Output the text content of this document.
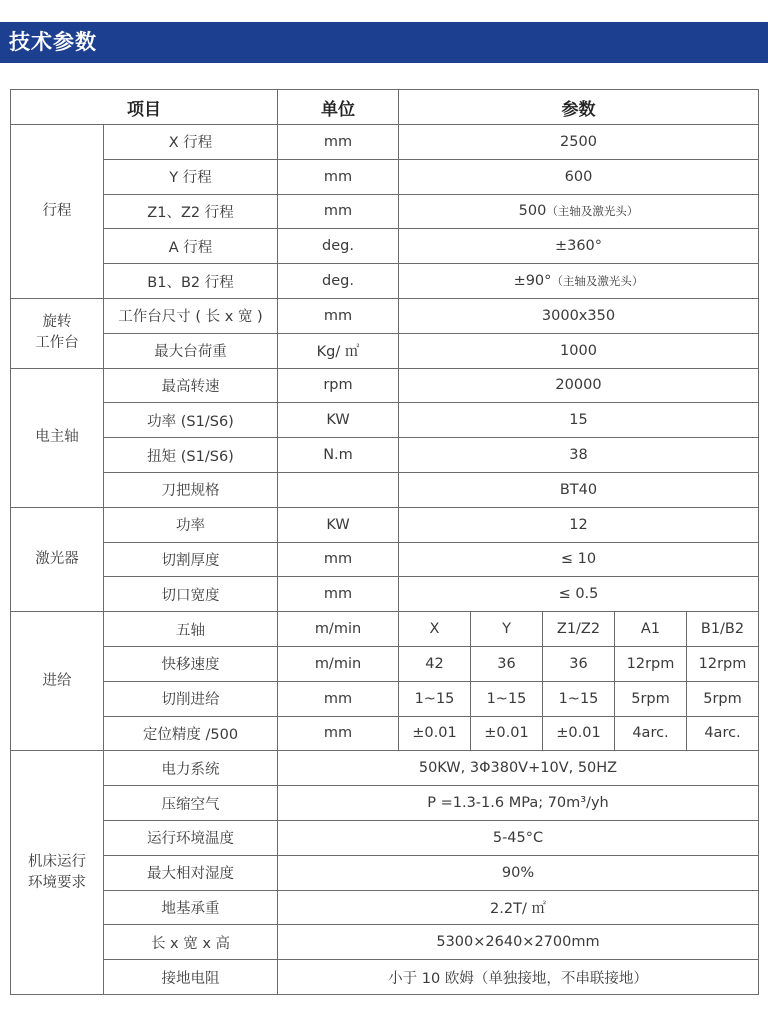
技术参数
项目		单位	参数				
行程	X 行程	mm	2500				
	Y 行程	mm	600				
	Z1、Z2 行程	mm	500（主轴及激光头）				
	A 行程	deg.	±360°				
	B1、B2 行程	deg.	±90°（主轴及激光头）				
旋转
工作台	工作台尺寸 ( 长 x 宽 )	mm	3000x350				
	最大台荷重	Kg/ ㎡	1000				
电主轴	最高转速	rpm	20000				
	功率 (S1/S6)	KW	15				
	扭矩 (S1/S6)	N.m	38				
	刀把规格		BT40				
激光器	功率	KW	12				
	切割厚度	mm	≤ 10				
	切口宽度	mm	≤ 0.5				
进给	五轴	m/min	X	Y	Z1/Z2	A1	B1/B2
	快移速度	m/min	42	36	36	12rpm	12rpm
	切削进给	mm	1~15	1~15	1~15	5rpm	5rpm
	定位精度 /500	mm	±0.01	±0.01	±0.01	4arc.	4arc.
机床运行
环境要求	电力系统	50KW, 3Φ380V+10V, 50HZ					
	压缩空气	P =1.3-1.6 MPa; 70m³/yh					
	运行环境温度	5-45°C					
	最大相对湿度	90%					
	地基承重	2.2T/ ㎡					
	长 x 宽 x 高	5300×2640×2700mm					
	接地电阻	小于 10 欧姆（单独接地，不串联接地）					
